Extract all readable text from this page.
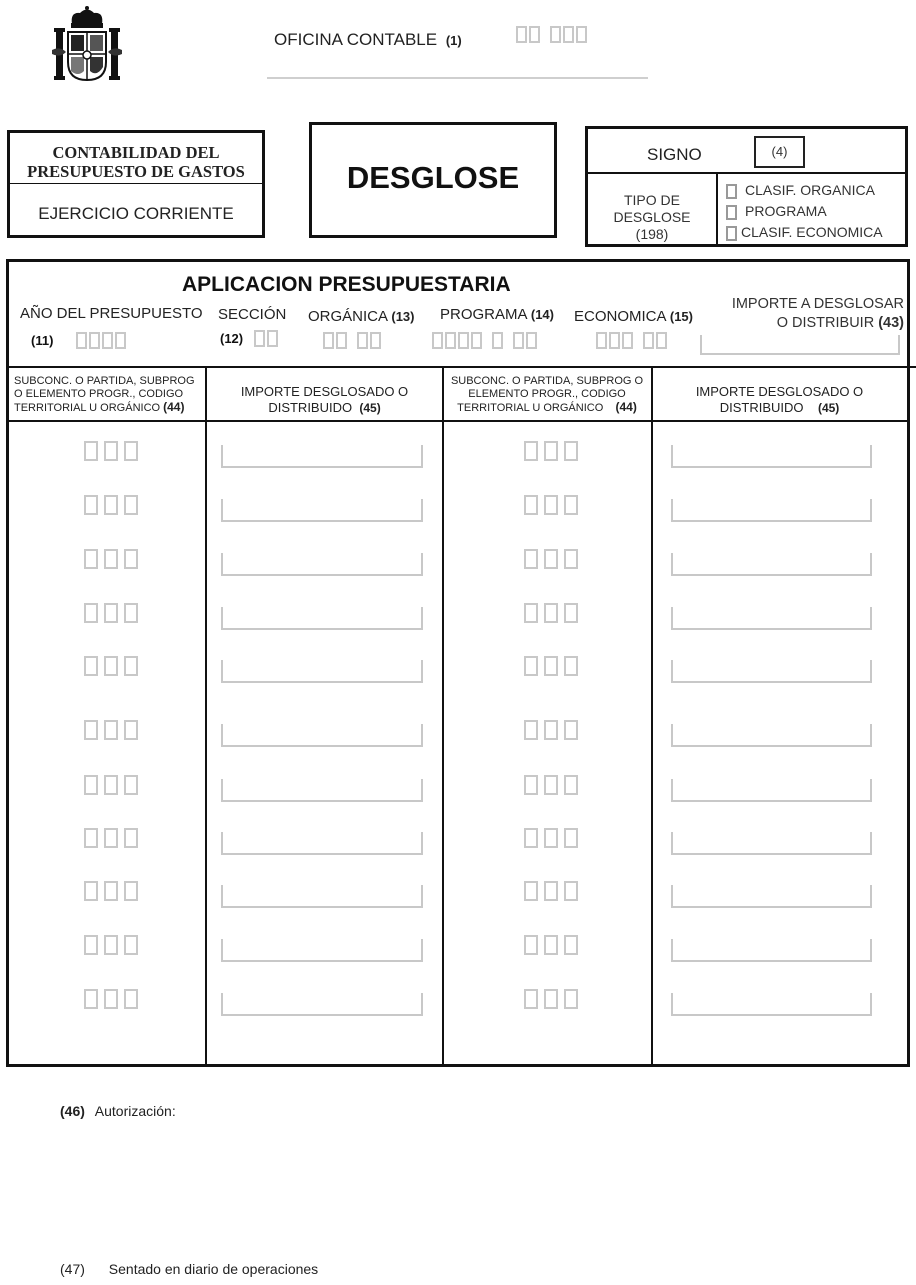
OFICINA CONTABLE (1)
CONTABILIDAD DEL
PRESUPUESTO DE GASTOS
EJERCICIO CORRIENTE
DESGLOSE
SIGNO	(4)
TIPO DE
DESGLOSE
(198)
CLASIF. ORGANICA
PROGRAMA
CLASIF. ECONOMICA
APLICACION PRESUPUESTARIA
AÑO DEL PRESUPUESTO
(11)
SECCIÓN
(12)
ORGÁNICA (13) PROGRAMA (14) ECONOMICA (15)
IMPORTE A DESGLOSAR
O DISTRIBUIR (43)
SUBCONC. O PARTIDA, SUBPROG
O ELEMENTO PROGR., CODIGO
TERRITORIAL U ORGÁNICO (44)
IMPORTE DESGLOSADO O
DISTRIBUIDO (45)
SUBCONC. O PARTIDA, SUBPROG O
ELEMENTO PROGR., CODIGO
TERRITORIAL U ORGÁNICO (44)
IMPORTE DESGLOSADO O
DISTRIBUIDO (45)
(46) Autorización:
(47) Sentado en diario de operaciones
